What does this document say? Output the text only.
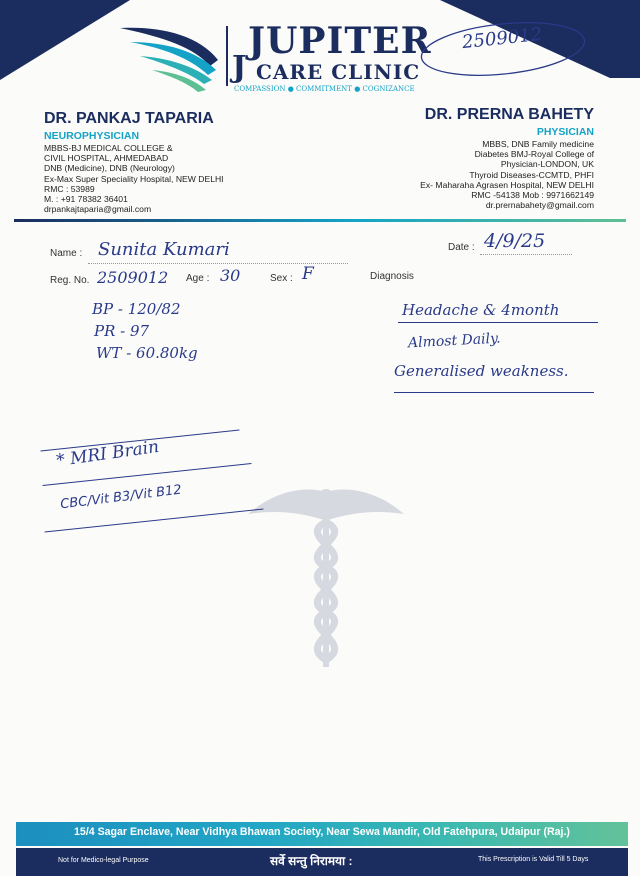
JUPITER
J CARE CLINIC
COMPASSION ● COMMITMENT ● COGNIZANCE
2509012
DR. PANKAJ TAPARIA
NEUROPHYSICIAN
MBBS-BJ MEDICAL COLLEGE &
CIVIL HOSPITAL, AHMEDABAD
DNB (Medicine), DNB (Neurology)
Ex-Max Super Speciality Hospital, NEW DELHI
RMC : 53989
M. : +91 78382 36401
drpankajtaparia@gmail.com
DR. PRERNA BAHETY
PHYSICIAN
MBBS, DNB Family medicine
Diabetes BMJ-Royal College of
Physician-LONDON, UK
Thyroid Diseases-CCMTD, PHFI
Ex- Maharaha Agrasen Hospital, NEW DELHI
RMC -54138 Mob : 9971662149
dr.prernabahety@gmail.com
Name : Sunita Kumari	Date : 4/9/25
Reg. No. 2509012 Age : 30	Sex : F	Diagnosis
BP - 120/82
PR - 97
WT - 60.80kg
Headache & 4month
Almost Daily.
Generalised weakness.
* MRI Brain
CBC/Vit B3/Vit B12
15/4 Sagar Enclave, Near Vidhya Bhawan Society, Near Sewa Mandir, Old Fatehpura, Udaipur (Raj.)
Not for Medico-legal Purpose	सर्वे सन्तु निरामया :	This Prescription is Valid Till 5 Days
